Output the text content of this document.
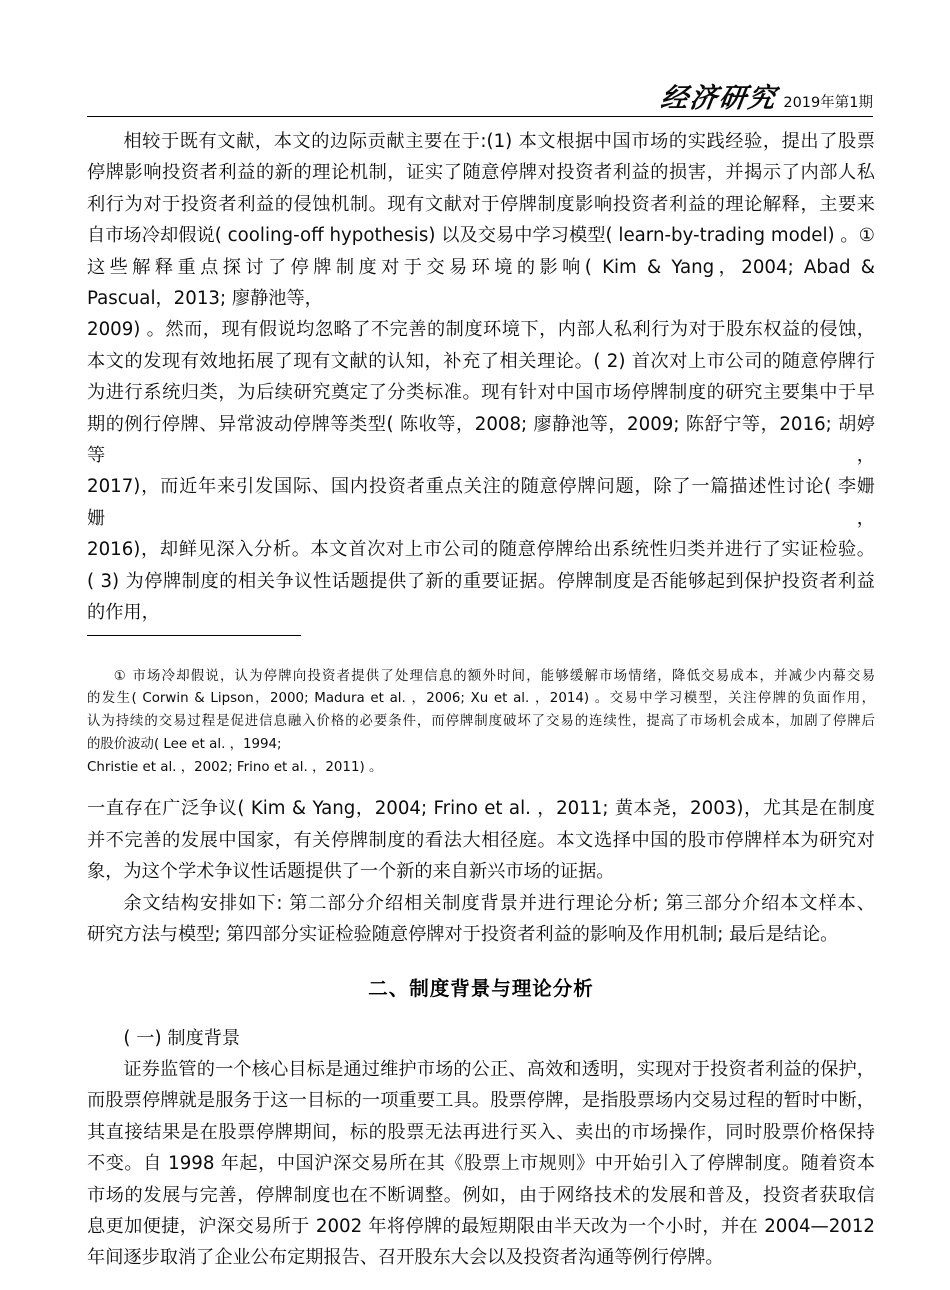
经济研究 2019年第1期

相较于既有文献，本文的边际贡献主要在于:(1) 本文根据中国市场的实践经验，提出了股票
停牌影响投资者利益的新的理论机制，证实了随意停牌对投资者利益的损害，并揭示了内部人私
利行为对于投资者利益的侵蚀机制。现有文献对于停牌制度影响投资者利益的理论解释，主要来
自市场冷却假说( cooling-off hypothesis) 以及交易中学习模型( learn-by-trading model) 。①
这些解释重点探讨了停牌制度对于交易环境的影响( Kim & Yang，2004; Abad &
Pascual，2013; 廖静池等，

2009) 。然而，现有假说均忽略了不完善的制度环境下，内部人私利行为对于股东权益的侵蚀，
本文的发现有效地拓展了现有文献的认知，补充了相关理论。( 2) 首次对上市公司的随意停牌行
为进行系统归类，为后续研究奠定了分类标准。现有针对中国市场停牌制度的研究主要集中于早
期的例行停牌、异常波动停牌等类型( 陈收等，2008; 廖静池等，2009; 陈舒宁等，2016; 胡婷等，
2017)，而近年来引发国际、国内投资者重点关注的随意停牌问题，除了一篇描述性讨论( 李姗姗，
2016)，却鲜见深入分析。本文首次对上市公司的随意停牌给出系统性归类并进行了实证检验。
( 3) 为停牌制度的相关争议性话题提供了新的重要证据。停牌制度是否能够起到保护投资者利益
的作用，

① 市场冷却假说，认为停牌向投资者提供了处理信息的额外时间，能够缓解市场情绪，降低交易成本，并减少内幕交易
的发生( Corwin & Lipson，2000; Madura et al. ，2006; Xu et al. ，2014) 。交易中学习模型，关注停牌的负面作用，
认为持续的交易过程是促进信息融入价格的必要条件，而停牌制度破坏了交易的连续性，提高了市场机会成本，加剧了停牌后
的股价波动( Lee et al. ，1994;
Christie et al. ，2002; Frino et al. ，2011) 。

一直存在广泛争议( Kim & Yang，2004; Frino et al. ，2011; 黄本尧，2003)，尤其是在制度
并不完善的发展中国家，有关停牌制度的看法大相径庭。本文选择中国的股市停牌样本为研究对
象，为这个学术争议性话题提供了一个新的来自新兴市场的证据。

余文结构安排如下: 第二部分介绍相关制度背景并进行理论分析; 第三部分介绍本文样本、
研究方法与模型; 第四部分实证检验随意停牌对于投资者利益的影响及作用机制; 最后是结论。

二、制度背景与理论分析

( 一) 制度背景

证券监管的一个核心目标是通过维护市场的公正、高效和透明，实现对于投资者利益的保护，
而股票停牌就是服务于这一目标的一项重要工具。股票停牌，是指股票场内交易过程的暂时中断，
其直接结果是在股票停牌期间，标的股票无法再进行买入、卖出的市场操作，同时股票价格保持
不变。自 1998 年起，中国沪深交易所在其《股票上市规则》中开始引入了停牌制度。随着资本
市场的发展与完善，停牌制度也在不断调整。例如，由于网络技术的发展和普及，投资者获取信
息更加便捷，沪深交易所于 2002 年将停牌的最短期限由半天改为一个小时，并在 2004—2012
年间逐步取消了企业公布定期报告、召开股东大会以及投资者沟通等例行停牌。
